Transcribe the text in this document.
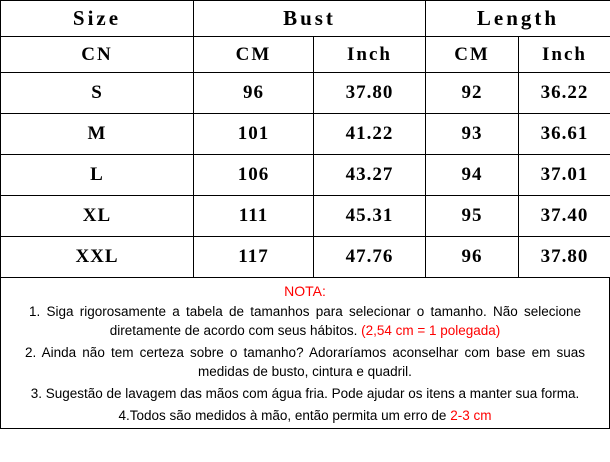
Size	Bust		Length	
CN	CM	Inch	CM	Inch
S	96	37.80	92	36.22
M	101	41.22	93	36.61
L	106	43.27	94	37.01
XL	111	45.31	95	37.40
XXL	117	47.76	96	37.80
NOTA:

1. Siga rigorosamente a tabela de tamanhos para selecionar o tamanho. Não selecione diretamente de acordo com seus hábitos. (2,54 cm = 1 polegada)

2. Ainda não tem certeza sobre o tamanho? Adoraríamos aconselhar com base em suas medidas de busto, cintura e quadril.

3. Sugestão de lavagem das mãos com água fria. Pode ajudar os itens a manter sua forma.

4.Todos são medidos à mão, então permita um erro de 2-3 cm
